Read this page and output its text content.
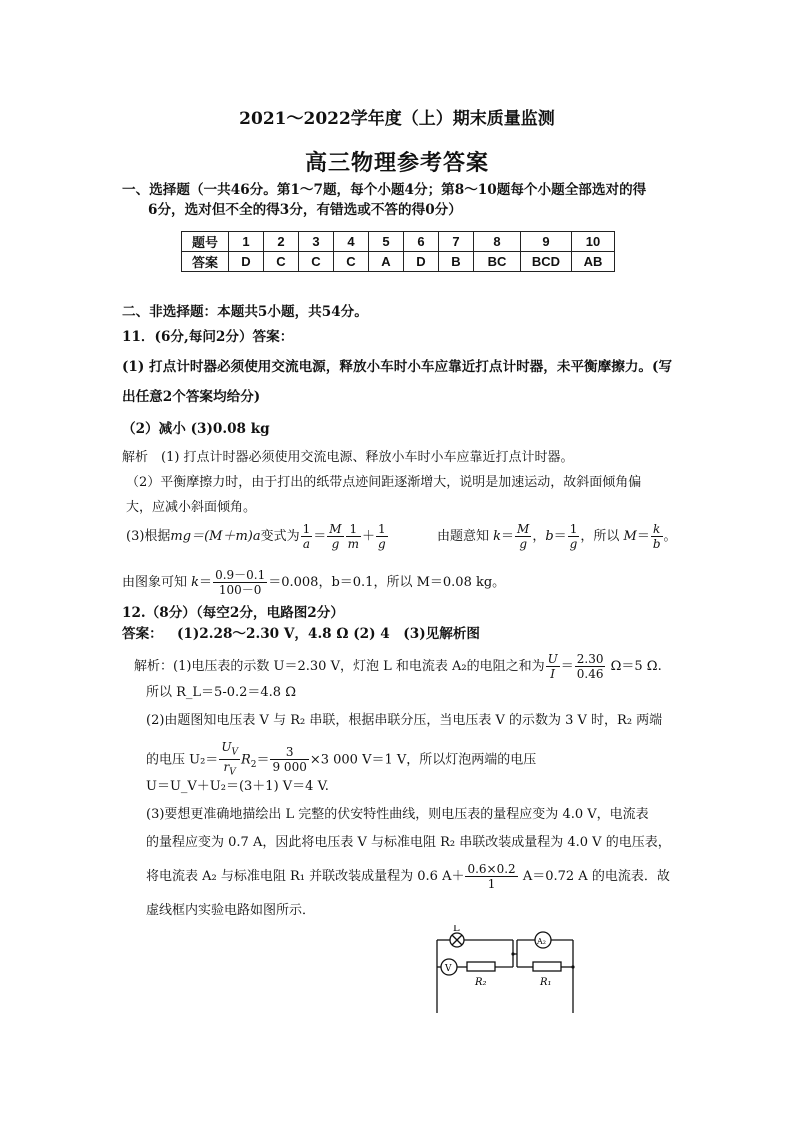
2021～2022学年度（上）期末质量监测
高三物理参考答案
一、选择题（一共46分。第1～7题，每个小题4分；第8～10题每个小题全部选对的得
6分，选对但不全的得3分，有错选或不答的得0分）
题号	1	2	3	4	5	6	7	8	9	10
答案	D	C	C	C	A	D	B	BC	BCD	AB
二、非选择题：本题共5小题，共54分。
11．(6分,每问2分）答案：
(1) 打点计时器必须使用交流电源，释放小车时小车应靠近打点计时器，未平衡摩擦力。(写
出任意2个答案均给分)
（2）减小 (3)0.08 kg
解析　(1) 打点计时器必须使用交流电源、释放小车时小车应靠近打点计时器。
（2）平衡摩擦力时，由于打出的纸带点迹间距逐渐增大，说明是加速运动，故斜面倾角偏
大，应减小斜面倾角。
(3)根据mg＝(M＋m)a变式为 $\frac{1}{a} = \frac{M}{g} \frac{1}{m} + \frac{1}{g}$	由题意知 $k= \frac{M}{g}$ ，$b= \frac{1}{g}$ ，所以 $M= \frac{k}{b}$ 。
由图象可知 $k= \frac{0.9-0.1}{100-0} =0.008$，b＝0.1，所以 M＝0.08 kg。
12.（8分）（每空2分，电路图2分）
答案： (1)2.28～2.30 V，4.8 Ω (2) 4　(3)见解析图
解析：(1)电压表的示数 U＝2.30 V，灯泡 L 和电流表 A₂的电阻之和为 $\frac{U}{I} = \frac{2.30}{0.46} \Omega=5$ Ω.
所以 R_L＝5-0.2＝4.8 Ω
(2)由题图知电压表 V 与 R₂ 串联，根据串联分压，当电压表 V 的示数为 3 V 时，R₂ 两端
的电压 $U_2= \frac{U_V}{r_V} R_2= \frac{3}{9 000} \times 3$ 000 V＝1 V，所以灯泡两端的电压
U＝U_V＋U₂＝(3＋1) V＝4 V.
(3)要想更准确地描绘出 L 完整的伏安特性曲线，则电压表的量程应变为 4.0 V，电流表
的量程应变为 0.7 A，因此将电压表 V 与标准电阻 R₂ 串联改装成量程为 4.0 V 的电压表，
将电流表 A₂ 与标准电阻 R₁ 并联改装成量程为 0.6 $A+ \frac{0.6\times 0.2}{1} A=0.72$ A 的电流表．故
虚线框内实验电路如图所示．
L
V
A₂
R₂	R₁
